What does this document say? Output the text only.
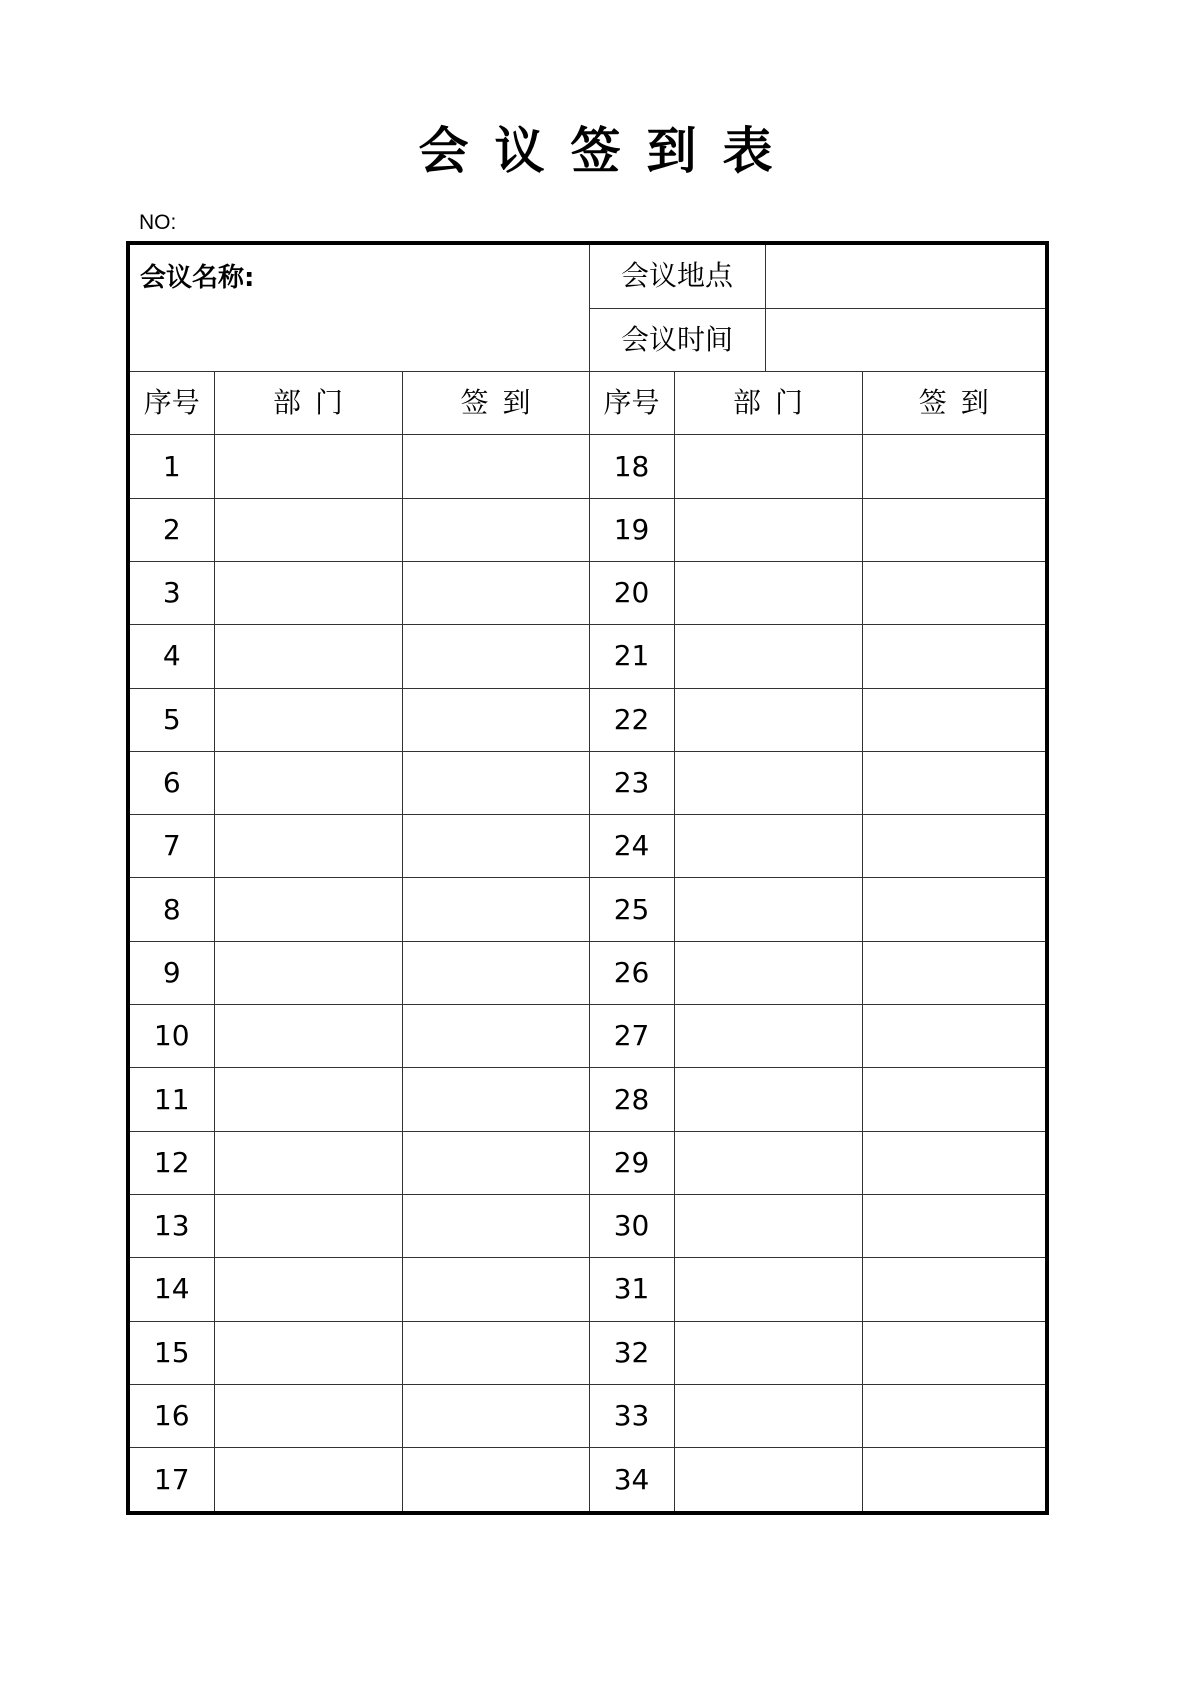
会议签到表
NO:
会议名称:			会议地点			
			会议时间			
序号	部门	签到	序号	部门		签到
1			18			
2			19			
3			20			
4			21			
5			22			
6			23			
7			24			
8			25			
9			26			
10			27			
11			28			
12			29			
13			30			
14			31			
15			32			
16			33			
17			34			
